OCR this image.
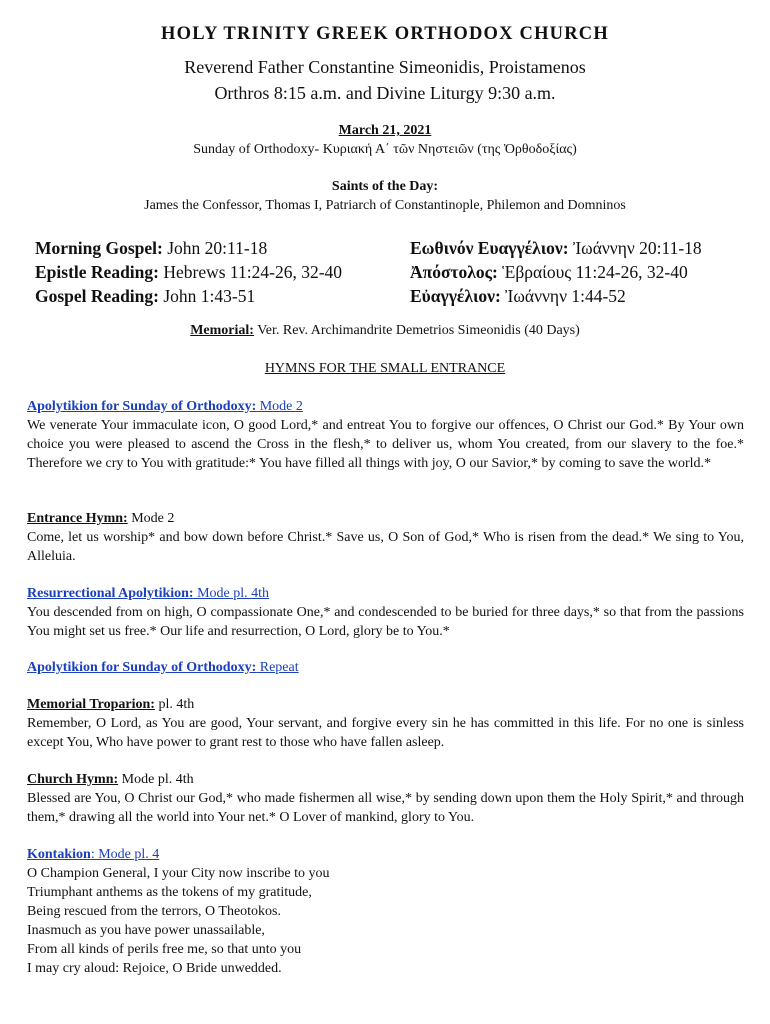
HOLY TRINITY GREEK ORTHODOX CHURCH
Reverend Father Constantine Simeonidis, Proistamenos
Orthros 8:15 a.m. and Divine Liturgy 9:30 a.m.
March 21, 2021
Sunday of Orthodoxy- Κυριακή Α΄ τῶν Νηστειῶν (της Ὀρθοδοξίας)
Saints of the Day:
James the Confessor, Thomas I, Patriarch of Constantinople, Philemon and Domninos
Morning Gospel: John 20:11-18
Epistle Reading: Hebrews 11:24-26, 32-40
Gospel Reading: John 1:43-51
Εωθινόν Ευαγγέλιον: Ἰωάννην 20:11-18
Ἀπόστολος: Ἑβραίους 11:24-26, 32-40
Εὐαγγέλιον: Ἰωάννην 1:44-52
Memorial: Ver. Rev. Archimandrite Demetrios Simeonidis (40 Days)
HYMNS FOR THE SMALL ENTRANCE
Apolytikion for Sunday of Orthodoxy: Mode 2

We venerate Your immaculate icon, O good Lord,* and entreat You to forgive our offences, O Christ our God.* By Your own choice you were pleased to ascend the Cross in the flesh,* to deliver us, whom You created, from our slavery to the foe.* Therefore we cry to You with gratitude:* You have filled all things with joy, O our Savior,* by coming to save the world.*

Entrance Hymn: Mode 2

Come, let us worship* and bow down before Christ.* Save us, O Son of God,* Who is risen from the dead.* We sing to You, Alleluia.

Resurrectional Apolytikion: Mode pl. 4th

You descended from on high, O compassionate One,* and condescended to be buried for three days,* so that from the passions You might set us free.* Our life and resurrection, O Lord, glory be to You.*

Apolytikion for Sunday of Orthodoxy: Repeat
Memorial Troparion: pl. 4th

Remember, O Lord, as You are good, Your servant, and forgive every sin he has committed in this life. For no one is sinless except You, Who have power to grant rest to those who have fallen asleep.

Church Hymn: Mode pl. 4th

Blessed are You, O Christ our God,* who made fishermen all wise,* by sending down upon them the Holy Spirit,* and through them,* drawing all the world into Your net.* O Lover of mankind, glory to You.

Kontakion: Mode pl. 4
O Champion General, I your City now inscribe to you
Triumphant anthems as the tokens of my gratitude,
Being rescued from the terrors, O Theotokos.
Inasmuch as you have power unassailable,
From all kinds of perils free me, so that unto you
I may cry aloud: Rejoice, O Bride unwedded.
